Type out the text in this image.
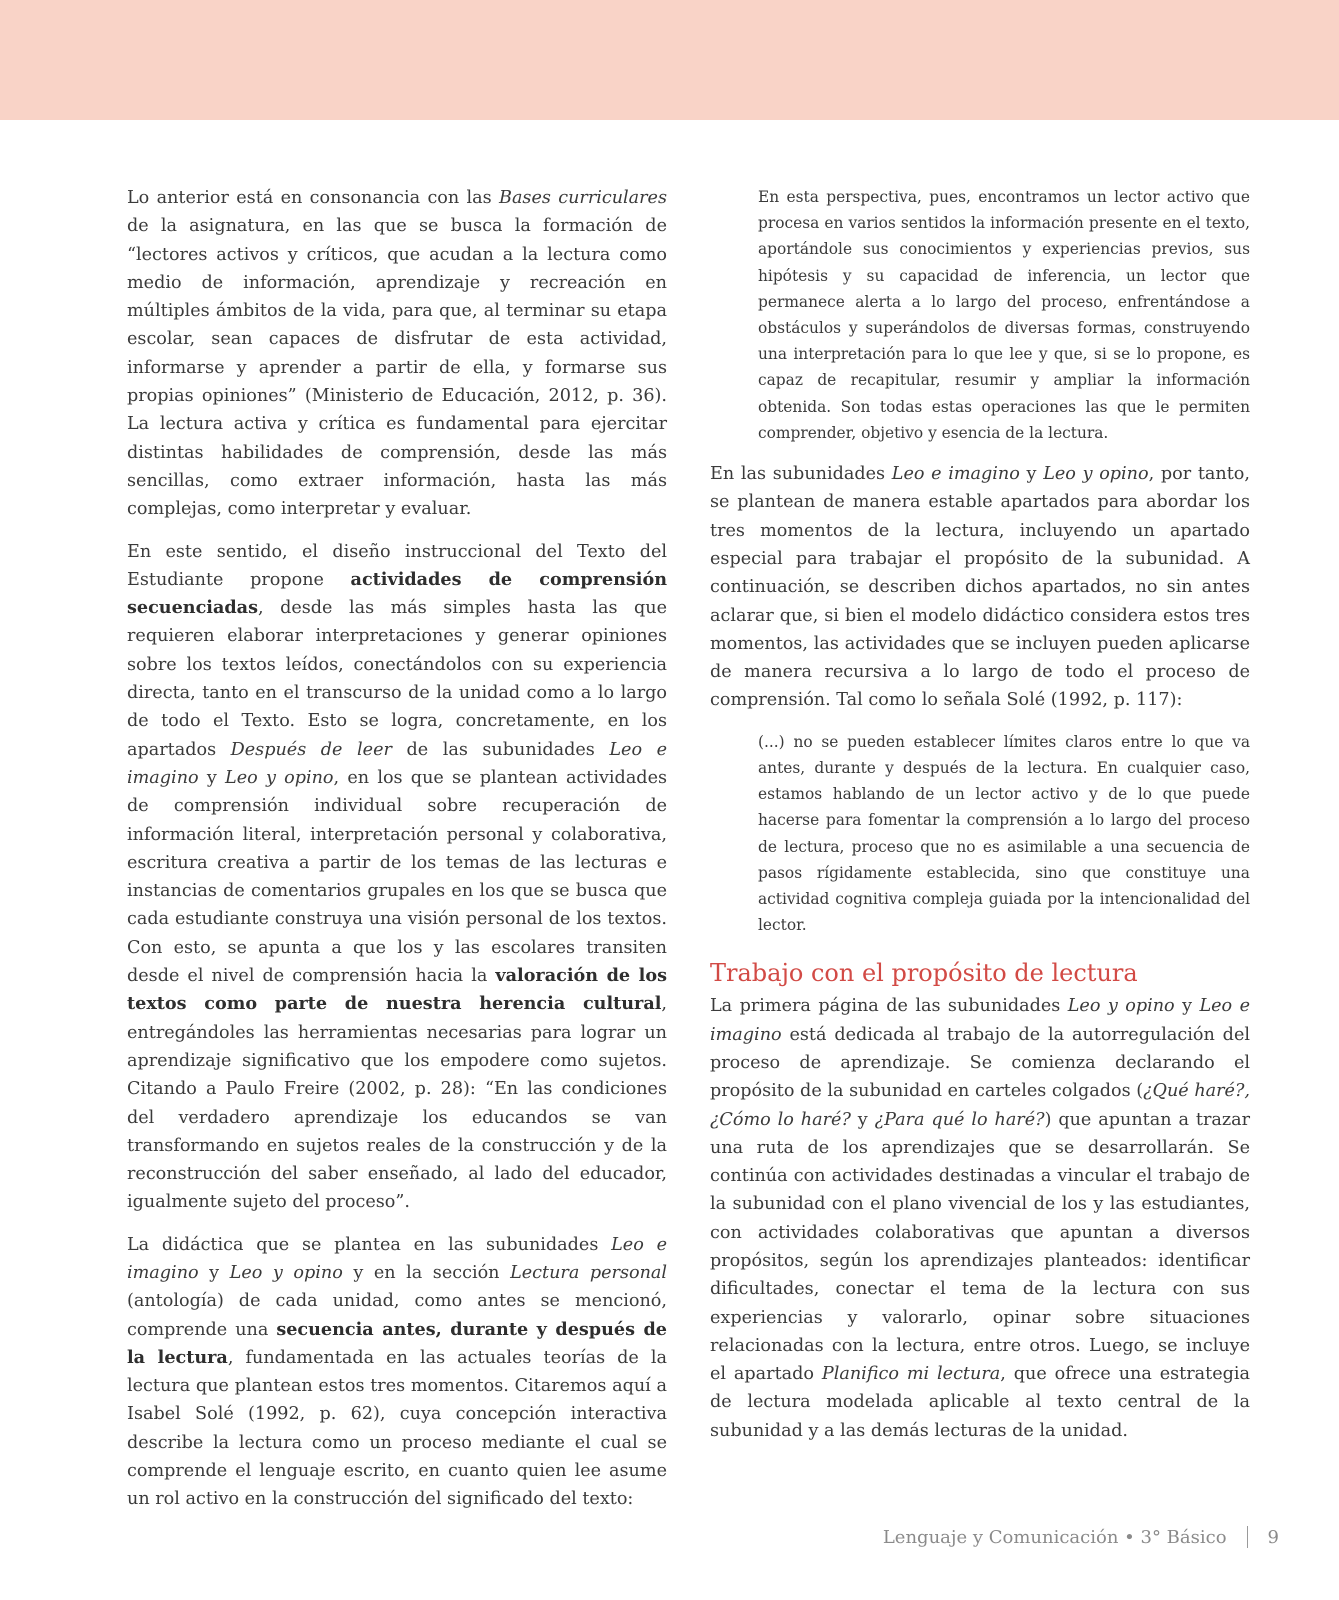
Lo anterior está en consonancia con las Bases curriculares de la asignatura, en las que se busca la formación de “lectores activos y críticos, que acudan a la lectura como medio de información, aprendizaje y recreación en múltiples ámbitos de la vida, para que, al terminar su etapa escolar, sean capaces de disfrutar de esta actividad, informarse y aprender a partir de ella, y formarse sus propias opiniones” (Ministerio de Educación, 2012, p. 36). La lectura activa y crítica es fundamental para ejercitar distintas habilidades de comprensión, desde las más sencillas, como extraer información, hasta las más complejas, como interpretar y evaluar.

En este sentido, el diseño instruccional del Texto del Estudiante propone actividades de comprensión secuenciadas, desde las más simples hasta las que requieren elaborar interpretaciones y generar opiniones sobre los textos leídos, conectándolos con su experiencia directa, tanto en el transcurso de la unidad como a lo largo de todo el Texto. Esto se logra, concretamente, en los apartados Después de leer de las subunidades Leo e imagino y Leo y opino, en los que se plantean actividades de comprensión individual sobre recuperación de información literal, interpretación personal y colaborativa, escritura creativa a partir de los temas de las lecturas e instancias de comentarios grupales en los que se busca que cada estudiante construya una visión personal de los textos. Con esto, se apunta a que los y las escolares transiten desde el nivel de comprensión hacia la valoración de los textos como parte de nuestra herencia cultural, entregándoles las herramientas necesarias para lograr un aprendizaje significativo que los empodere como sujetos. Citando a Paulo Freire (2002, p. 28): “En las condiciones del verdadero aprendizaje los educandos se van transformando en sujetos reales de la construcción y de la reconstrucción del saber enseñado, al lado del educador, igualmente sujeto del proceso”.

La didáctica que se plantea en las subunidades Leo e imagino y Leo y opino y en la sección Lectura personal (antología) de cada unidad, como antes se mencionó, comprende una secuencia antes, durante y después de la lectura, fundamentada en las actuales teorías de la lectura que plantean estos tres momentos. Citaremos aquí a Isabel Solé (1992, p. 62), cuya concepción interactiva describe la lectura como un proceso mediante el cual se comprende el lenguaje escrito, en cuanto quien lee asume un rol activo en la construcción del significado del texto:

En esta perspectiva, pues, encontramos un lector activo que procesa en varios sentidos la información presente en el texto, aportándole sus conocimientos y experiencias previos, sus hipótesis y su capacidad de inferencia, un lector que permanece alerta a lo largo del proceso, enfrentándose a obstáculos y superándolos de diversas formas, construyendo una interpretación para lo que lee y que, si se lo propone, es capaz de recapitular, resumir y ampliar la información obtenida. Son todas estas operaciones las que le permiten comprender, objetivo y esencia de la lectura.

En las subunidades Leo e imagino y Leo y opino, por tanto, se plantean de manera estable apartados para abordar los tres momentos de la lectura, incluyendo un apartado especial para trabajar el propósito de la subunidad. A continuación, se describen dichos apartados, no sin antes aclarar que, si bien el modelo didáctico considera estos tres momentos, las actividades que se incluyen pueden aplicarse de manera recursiva a lo largo de todo el proceso de comprensión. Tal como lo señala Solé (1992, p. 117):

(...) no se pueden establecer límites claros entre lo que va antes, durante y después de la lectura. En cualquier caso, estamos hablando de un lector activo y de lo que puede hacerse para fomentar la comprensión a lo largo del proceso de lectura, proceso que no es asimilable a una secuencia de pasos rígidamente establecida, sino que constituye una actividad cognitiva compleja guiada por la intencionalidad del lector.

Trabajo con el propósito de lectura

La primera página de las subunidades Leo y opino y Leo e imagino está dedicada al trabajo de la autorregulación del proceso de aprendizaje. Se comienza declarando el propósito de la subunidad en carteles colgados (¿Qué haré?, ¿Cómo lo haré? y ¿Para qué lo haré?) que apuntan a trazar una ruta de los aprendizajes que se desarrollarán. Se continúa con actividades destinadas a vincular el trabajo de la subunidad con el plano vivencial de los y las estudiantes, con actividades colaborativas que apuntan a diversos propósitos, según los aprendizajes planteados: identificar dificultades, conectar el tema de la lectura con sus experiencias y valorarlo, opinar sobre situaciones relacionadas con la lectura, entre otros. Luego, se incluye el apartado Planifico mi lectura, que ofrece una estrategia de lectura modelada aplicable al texto central de la subunidad y a las demás lecturas de la unidad.

Lenguaje y Comunicación • 3° Básico 9
